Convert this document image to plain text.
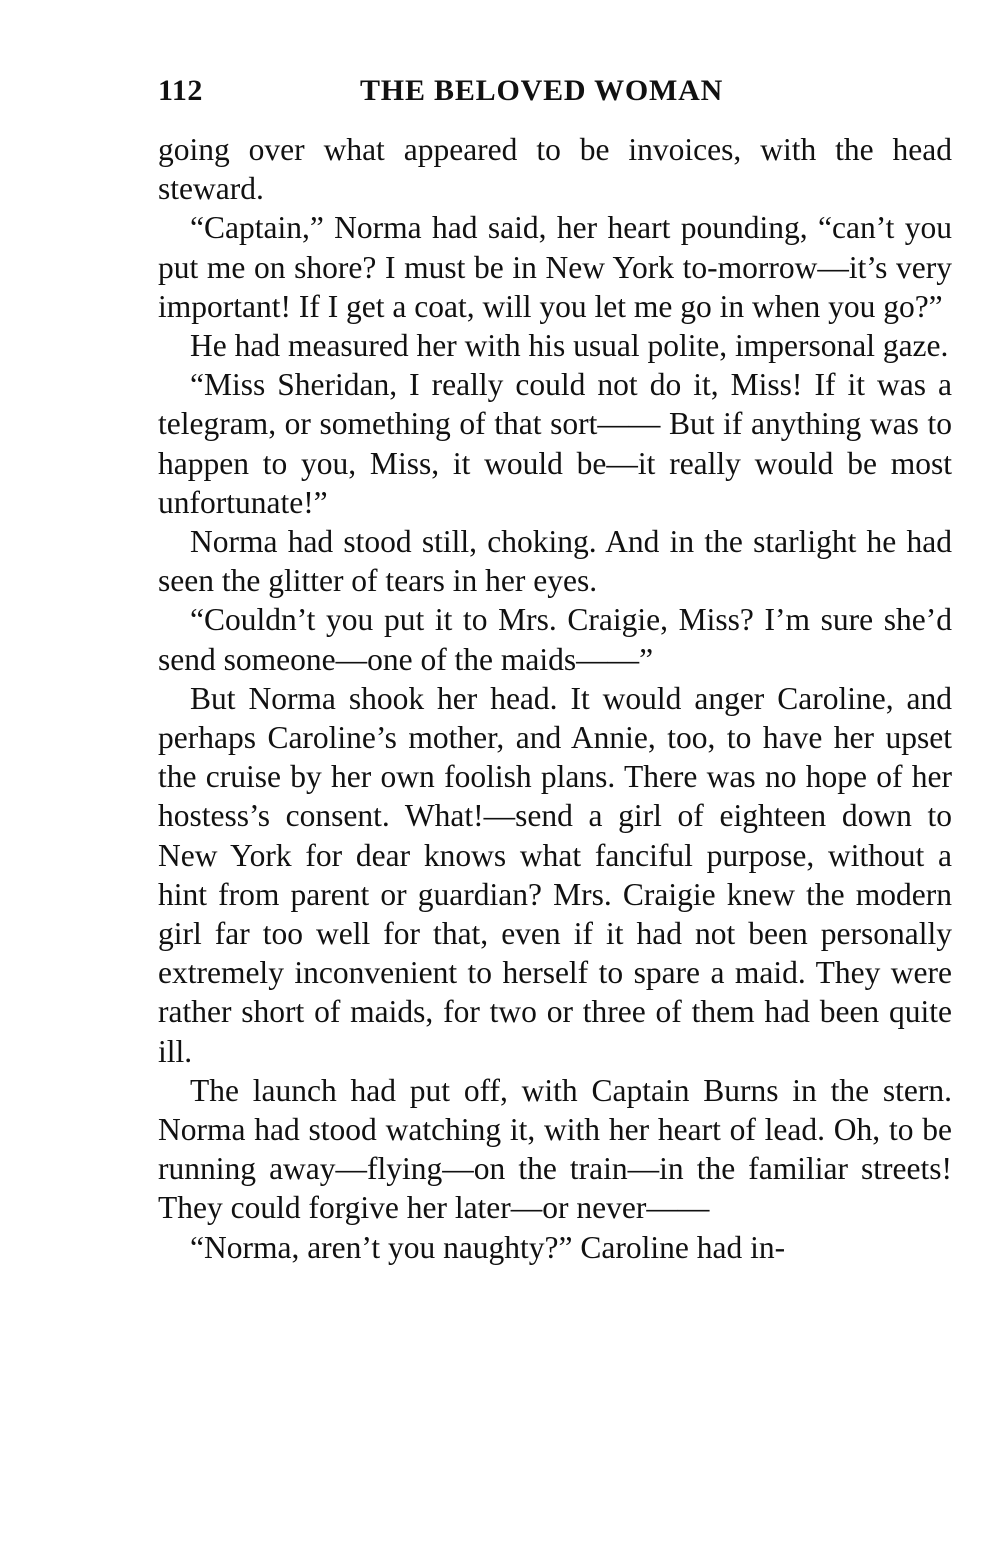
112	THE BELOVED WOMAN

going over what appeared to be invoices, with the head steward.

“Captain,” Norma had said, her heart pounding, “can’t you put me on shore? I must be in New York to-morrow—it’s very important! If I get a coat, will you let me go in when you go?”

He had measured her with his usual polite, impersonal gaze.

“Miss Sheridan, I really could not do it, Miss! If it was a telegram, or something of that sort—— But if anything was to happen to you, Miss, it would be—it really would be most unfortunate!”

Norma had stood still, choking. And in the starlight he had seen the glitter of tears in her eyes.

“Couldn’t you put it to Mrs. Craigie, Miss? I’m sure she’d send someone—one of the maids——”

But Norma shook her head. It would anger Caroline, and perhaps Caroline’s mother, and Annie, too, to have her upset the cruise by her own foolish plans. There was no hope of her hostess’s consent. What!—send a girl of eighteen down to New York for dear knows what fanciful purpose, without a hint from parent or guardian? Mrs. Craigie knew the modern girl far too well for that, even if it had not been personally extremely inconvenient to herself to spare a maid. They were rather short of maids, for two or three of them had been quite ill.

The launch had put off, with Captain Burns in the stern. Norma had stood watching it, with her heart of lead. Oh, to be running away—flying—on the train—in the familiar streets! They could forgive her later—or never——

“Norma, aren’t you naughty?” Caroline had in-
